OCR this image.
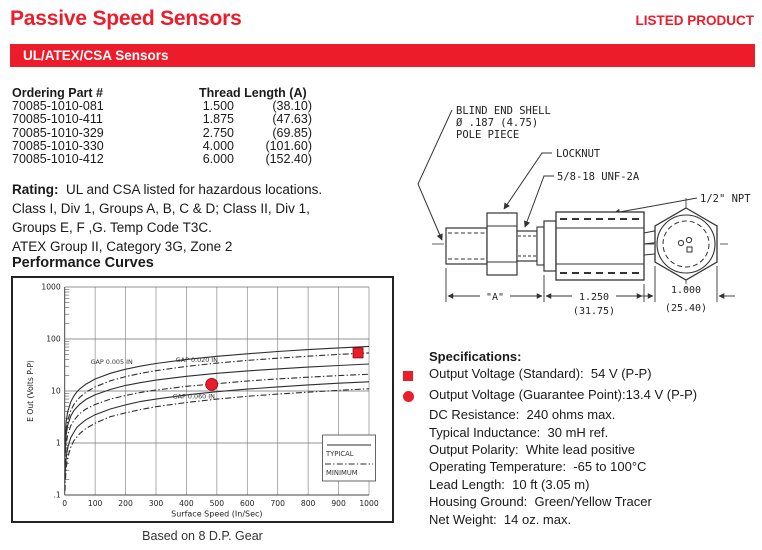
Passive Speed Sensors	LISTED PRODUCT
UL/ATEX/CSA Sensors
Ordering Part #	Thread Length (A)
70085-1010-081	1.500	(38.10)
70085-1010-411	1.875	(47.63)
70085-1010-329	2.750	(69.85)
70085-1010-330	4.000	(101.60)
70085-1010-412	6.000	(152.40)
Rating:  UL and CSA listed for hazardous locations.
Class I, Div 1, Groups A, B, C & D; Class II, Div 1,
Groups E, F ,G. Temp Code T3C.
ATEX Group II, Category 3G, Zone 2
Performance Curves
GAP 0.005 IN	GAP 0.020 IN
GAP 0.060 IN
TYPICAL
MINIMUM
1000
100
10
1
.1
0	100 200 300 400 500 600 700 800 900 1000
Surface Speed (In/Sec)
E Out (Volts P-P)
Based on 8 D.P. Gear
BLIND END SHELL
Ø .187 (4.75)
POLE PIECE
LOCKNUT
5/8-18 UNF-2A
1/2" NPT
"A"	1.250
(31.75)
1.000
(25.40)
Specifications:
Output Voltage (Standard):  54 V (P-P)
Output Voltage (Guarantee Point):13.4 V (P-P)
DC Resistance:  240 ohms max.
Typical Inductance:  30 mH ref.
Output Polarity:  White lead positive
Operating Temperature:  -65 to 100°C
Lead Length:  10 ft (3.05 m)
Housing Ground:  Green/Yellow Tracer
Net Weight:  14 oz. max.
